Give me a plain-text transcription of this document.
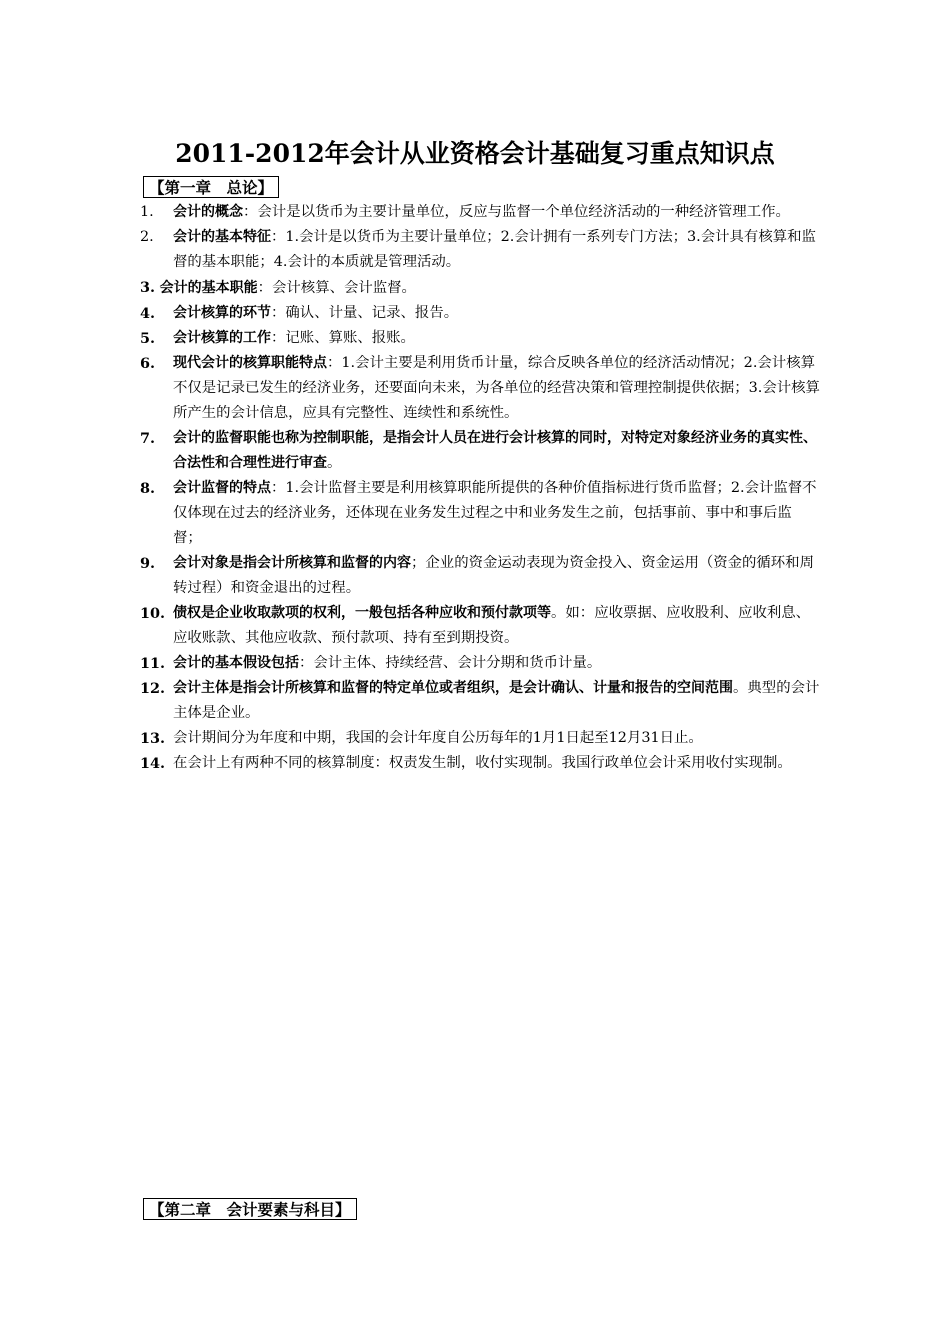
2011-2012年会计从业资格会计基础复习重点知识点
【第一章　总论】
1. 会计的概念：会计是以货币为主要计量单位，反应与监督一个单位经济活动的一种经济管理工作。
2. 会计的基本特征：1.会计是以货币为主要计量单位；2.会计拥有一系列专门方法；3.会计具有核算和监督的基本职能；4.会计的本质就是管理活动。
3. 会计的基本职能：会计核算、会计监督。
4. 会计核算的环节：确认、计量、记录、报告。
5. 会计核算的工作：记账、算账、报账。
6. 现代会计的核算职能特点：1.会计主要是利用货币计量，综合反映各单位的经济活动情况；2.会计核算不仅是记录已发生的经济业务，还要面向未来，为各单位的经营决策和管理控制提供依据；3.会计核算所产生的会计信息，应具有完整性、连续性和系统性。
7. 会计的监督职能也称为控制职能，是指会计人员在进行会计核算的同时，对特定对象经济业务的真实性、合法性和合理性进行审查。
8. 会计监督的特点：1.会计监督主要是利用核算职能所提供的各种价值指标进行货币监督；2.会计监督不仅体现在过去的经济业务，还体现在业务发生过程之中和业务发生之前，包括事前、事中和事后监督；
9. 会计对象是指会计所核算和监督的内容；企业的资金运动表现为资金投入、资金运用（资金的循环和周转过程）和资金退出的过程。
10. 债权是企业收取款项的权利，一般包括各种应收和预付款项等。如：应收票据、应收股利、应收利息、应收账款、其他应收款、预付款项、持有至到期投资。
11. 会计的基本假设包括：会计主体、持续经营、会计分期和货币计量。
12. 会计主体是指会计所核算和监督的特定单位或者组织，是会计确认、计量和报告的空间范围。典型的会计主体是企业。
13. 会计期间分为年度和中期，我国的会计年度自公历每年的1月1日起至12月31日止。
14. 在会计上有两种不同的核算制度：权责发生制，收付实现制。我国行政单位会计采用收付实现制。
【第二章　会计要素与科目】
